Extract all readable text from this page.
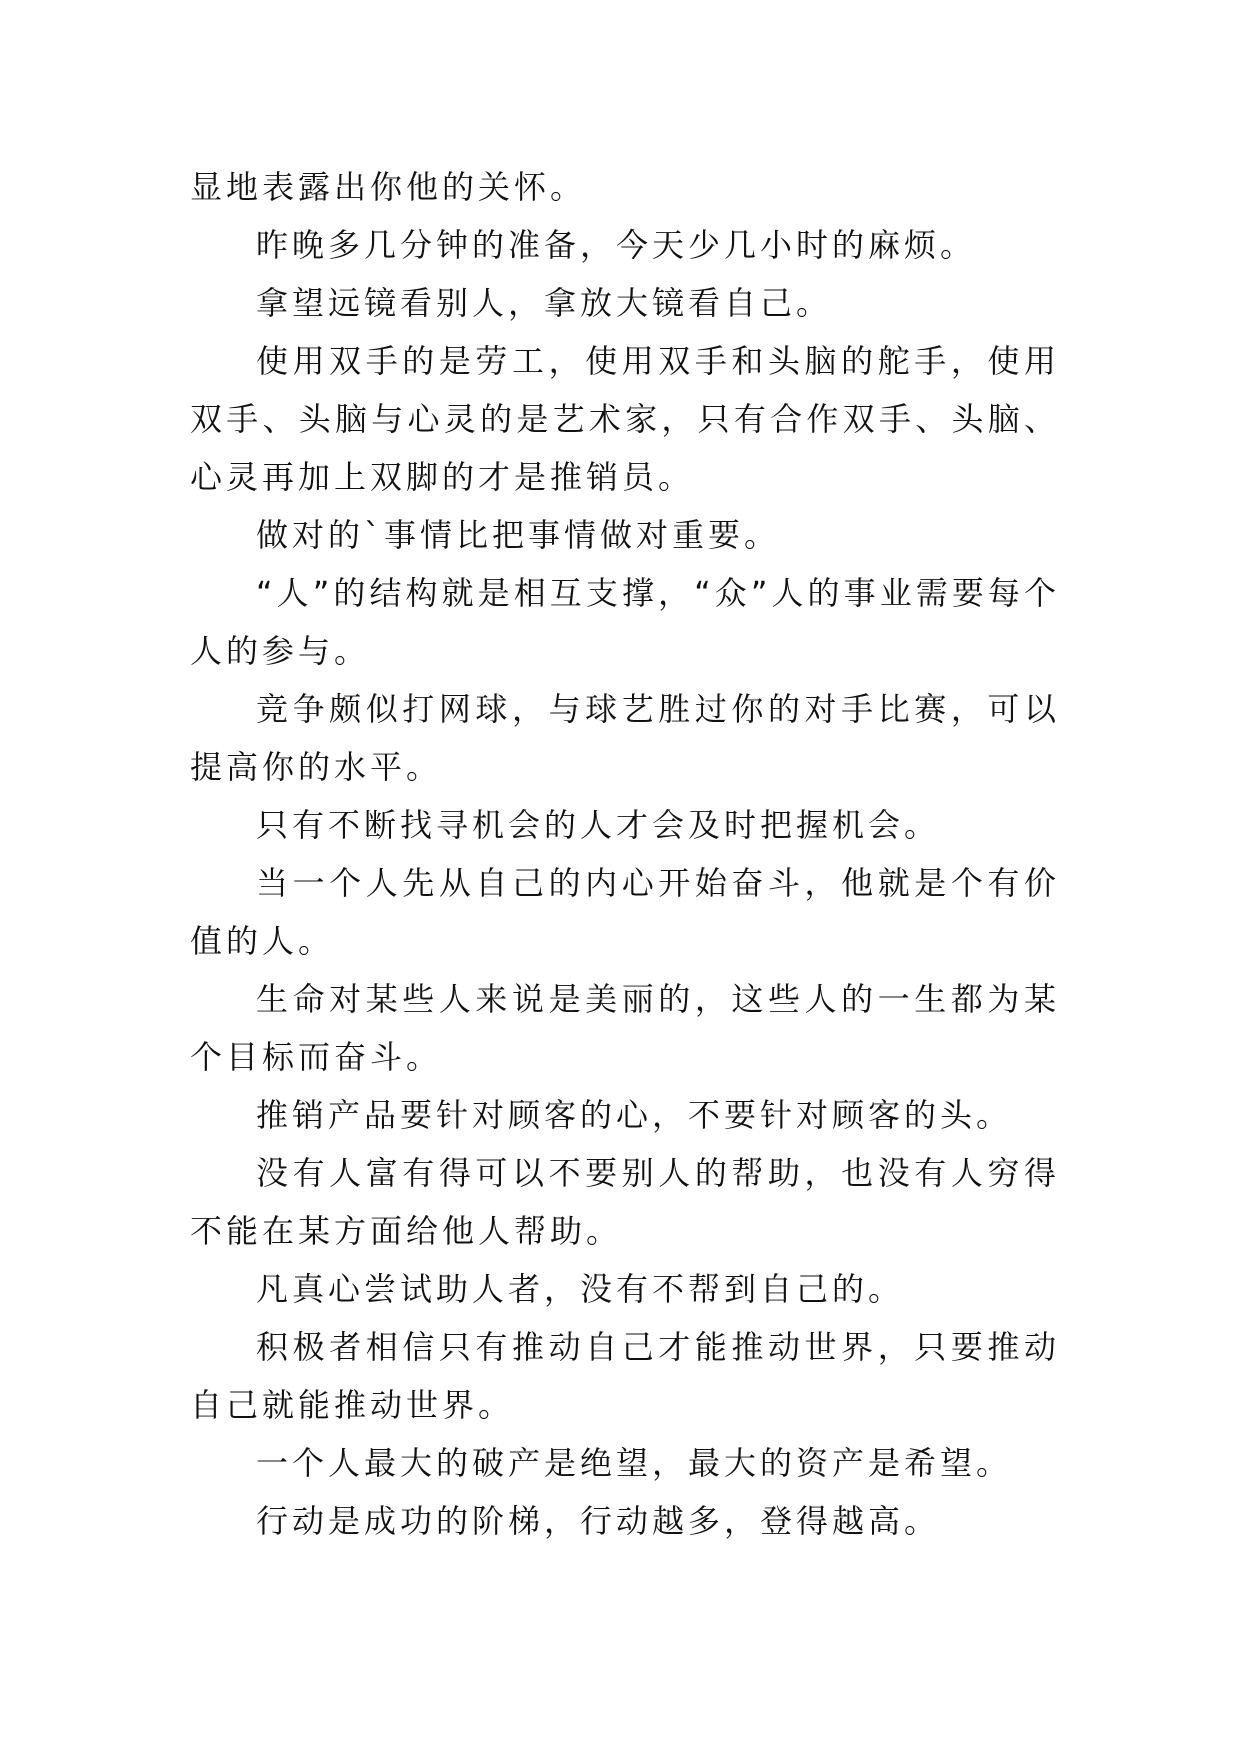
显地表露出你他的关怀。

昨晚多几分钟的准备，今天少几小时的麻烦。

拿望远镜看别人，拿放大镜看自己。

使用双手的是劳工，使用双手和头脑的舵手，使用双手、头脑与心灵的是艺术家，只有合作双手、头脑、心灵再加上双脚的才是推销员。

做对的`事情比把事情做对重要。

“人”的结构就是相互支撑，“众”人的事业需要每个人的参与。

竞争颇似打网球，与球艺胜过你的对手比赛，可以提高你的水平。

只有不断找寻机会的人才会及时把握机会。

当一个人先从自己的内心开始奋斗，他就是个有价值的人。

生命对某些人来说是美丽的，这些人的一生都为某个目标而奋斗。

推销产品要针对顾客的心，不要针对顾客的头。

没有人富有得可以不要别人的帮助，也没有人穷得不能在某方面给他人帮助。

凡真心尝试助人者，没有不帮到自己的。

积极者相信只有推动自己才能推动世界，只要推动自己就能推动世界。

一个人最大的破产是绝望，最大的资产是希望。

行动是成功的阶梯，行动越多，登得越高。
